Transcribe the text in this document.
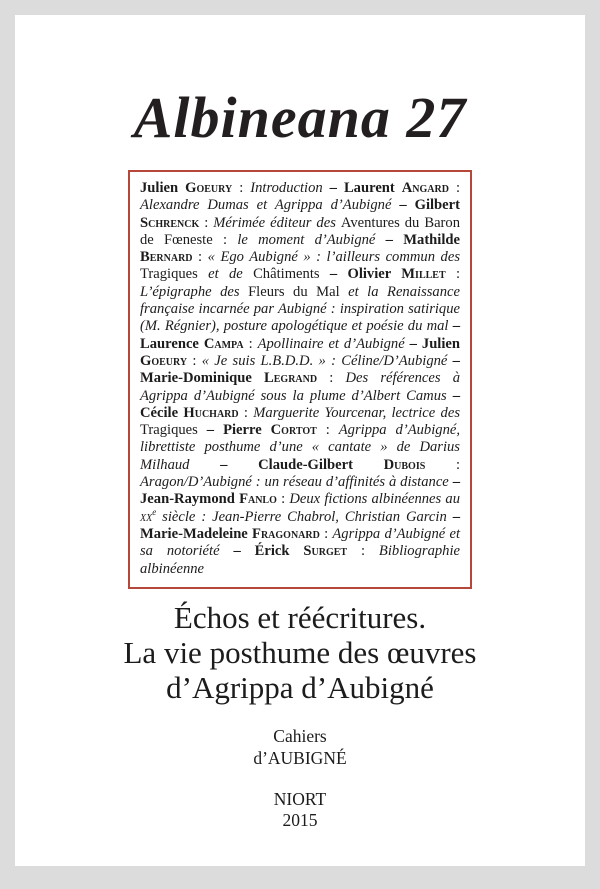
Albineana 27

Julien Goeury : Introduction – Laurent Angard : Alexandre Dumas et Agrippa d’Aubigné – Gilbert Schrenck : Mérimée éditeur des Aventures du Baron de Fœneste : le moment d’Aubigné – Mathilde Bernard : « Ego Aubigné » : l’ailleurs commun des Tragiques et de Châtiments – Olivier Millet : L’épigraphe des Fleurs du Mal et la Renaissance française incarnée par Aubigné : inspiration satirique (M. Régnier), posture apologétique et poésie du mal – Laurence Campa : Apollinaire et d’Aubigné – Julien Goeury : « Je suis L.B.D.D. » : Céline/D’Aubigné – Marie-Dominique Legrand : Des références à Agrippa d’Aubigné sous la plume d’Albert Camus – Cécile Huchard : Marguerite Yourcenar, lectrice des Tragiques – Pierre Cortot : Agrippa d’Aubigné, librettiste posthume d’une « cantate » de Darius Milhaud – Claude-Gilbert Dubois : Aragon/D’Aubigné : un réseau d’affinités à distance – Jean-Raymond Fanlo : Deux fictions albinéennes au $xx^e$ siècle : Jean-Pierre Chabrol, Christian Garcin – Marie-Madeleine Fragonard : Agrippa d’Aubigné et sa notoriété – Érick Surget : Bibliographie albinéenne

Échos et réécritures.
La vie posthume des œuvres
d’Agrippa d’Aubigné
Cahiers
d’AUBIGNÉ
NIORT
2015
